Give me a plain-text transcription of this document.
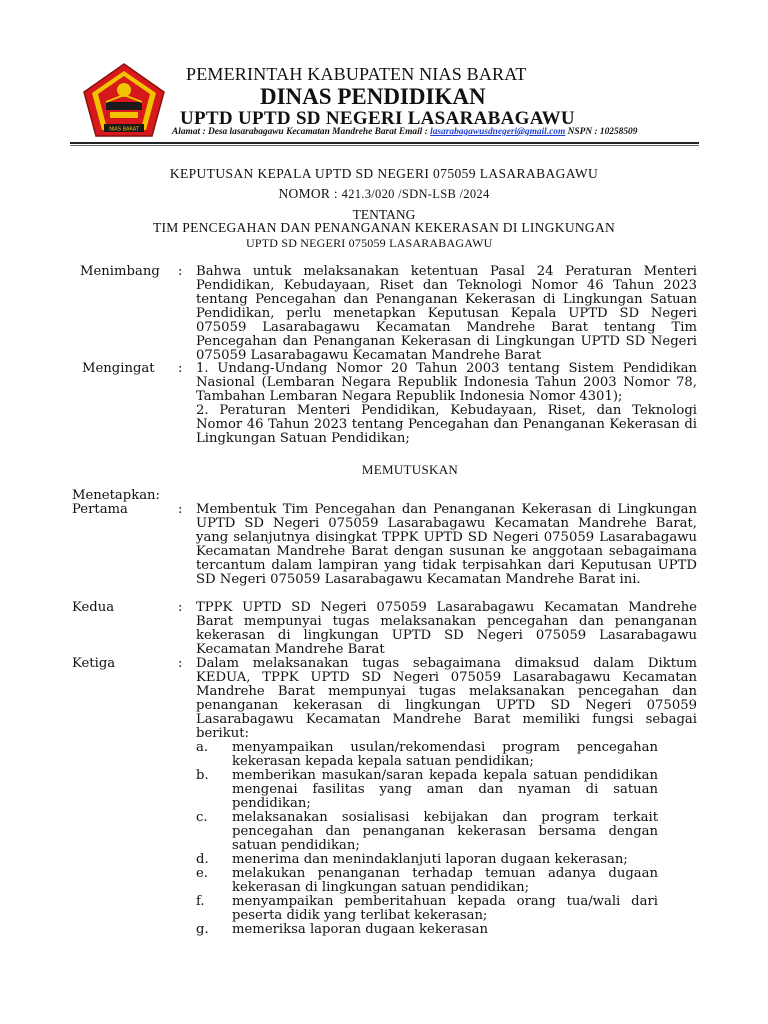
NIAS BARAT
PEMERINTAH KABUPATEN NIAS BARAT
DINAS PENDIDIKAN
UPTD UPTD SD NEGERI LASARABAGAWU
Alamat : Desa lasarabagawu Kecamatan Mandrehe Barat Email : lasarabagawusdnegeri@gmail.com NSPN : 10258509
KEPUTUSAN KEPALA UPTD SD NEGERI 075059 LASARABAGAWU
NOMOR : 421.3/020 /SDN-LSB /2024
TENTANG
TIM PENCEGAHAN DAN PENANGANAN KEKERASAN DI LINGKUNGAN
UPTD SD NEGERI 075059 LASARABAGAWU
Menimbang : Bahwa untuk melaksanakan ketentuan Pasal 24 Peraturan Menteri Pendidikan, Kebudayaan, Riset dan Teknologi Nomor 46 Tahun 2023 tentang Pencegahan dan Penanganan Kekerasan di Lingkungan Satuan Pendidikan, perlu menetapkan Keputusan Kepala UPTD SD Negeri 075059 Lasarabagawu Kecamatan Mandrehe Barat tentang Tim Pencegahan dan Penanganan Kekerasan di Lingkungan UPTD SD Negeri 075059 Lasarabagawu Kecamatan Mandrehe Barat
Mengingat : 1. Undang-Undang Nomor 20 Tahun 2003 tentang Sistem Pendidikan Nasional (Lembaran Negara Republik Indonesia Tahun 2003 Nomor 78, Tambahan Lembaran Negara Republik Indonesia Nomor 4301);
2. Peraturan Menteri Pendidikan, Kebudayaan, Riset, dan Teknologi Nomor 46 Tahun 2023 tentang Pencegahan dan Penanganan Kekerasan di Lingkungan Satuan Pendidikan;
MEMUTUSKAN
Menetapkan:
Pertama	: Membentuk Tim Pencegahan dan Penanganan Kekerasan di Lingkungan UPTD SD Negeri 075059 Lasarabagawu Kecamatan Mandrehe Barat, yang selanjutnya disingkat TPPK UPTD SD Negeri 075059 Lasarabagawu Kecamatan Mandrehe Barat dengan susunan ke anggotaan sebagaimana tercantum dalam lampiran yang tidak terpisahkan dari Keputusan UPTD SD Negeri 075059 Lasarabagawu Kecamatan Mandrehe Barat ini.
Kedua	: TPPK UPTD SD Negeri 075059 Lasarabagawu Kecamatan Mandrehe Barat mempunyai tugas melaksanakan pencegahan dan penanganan kekerasan di lingkungan UPTD SD Negeri 075059 Lasarabagawu Kecamatan Mandrehe Barat
Ketiga	: Dalam melaksanakan tugas sebagaimana dimaksud dalam Diktum KEDUA, TPPK UPTD SD Negeri 075059 Lasarabagawu Kecamatan Mandrehe Barat mempunyai tugas melaksanakan pencegahan dan penanganan kekerasan di lingkungan UPTD SD Negeri 075059 Lasarabagawu Kecamatan Mandrehe Barat memiliki fungsi sebagai berikut:
a. menyampaikan usulan/rekomendasi program pencegahan kekerasan kepada kepala satuan pendidikan;
b. memberikan masukan/saran kepada kepala satuan pendidikan mengenai fasilitas yang aman dan nyaman di satuan pendidikan;
c. melaksanakan sosialisasi kebijakan dan program terkait pencegahan dan penanganan kekerasan bersama dengan satuan pendidikan;
d. menerima dan menindaklanjuti laporan dugaan kekerasan;
e. melakukan penanganan terhadap temuan adanya dugaan kekerasan di lingkungan satuan pendidikan;
f. menyampaikan pemberitahuan kepada orang tua/wali dari peserta didik yang terlibat kekerasan;
g. memeriksa laporan dugaan kekerasan
